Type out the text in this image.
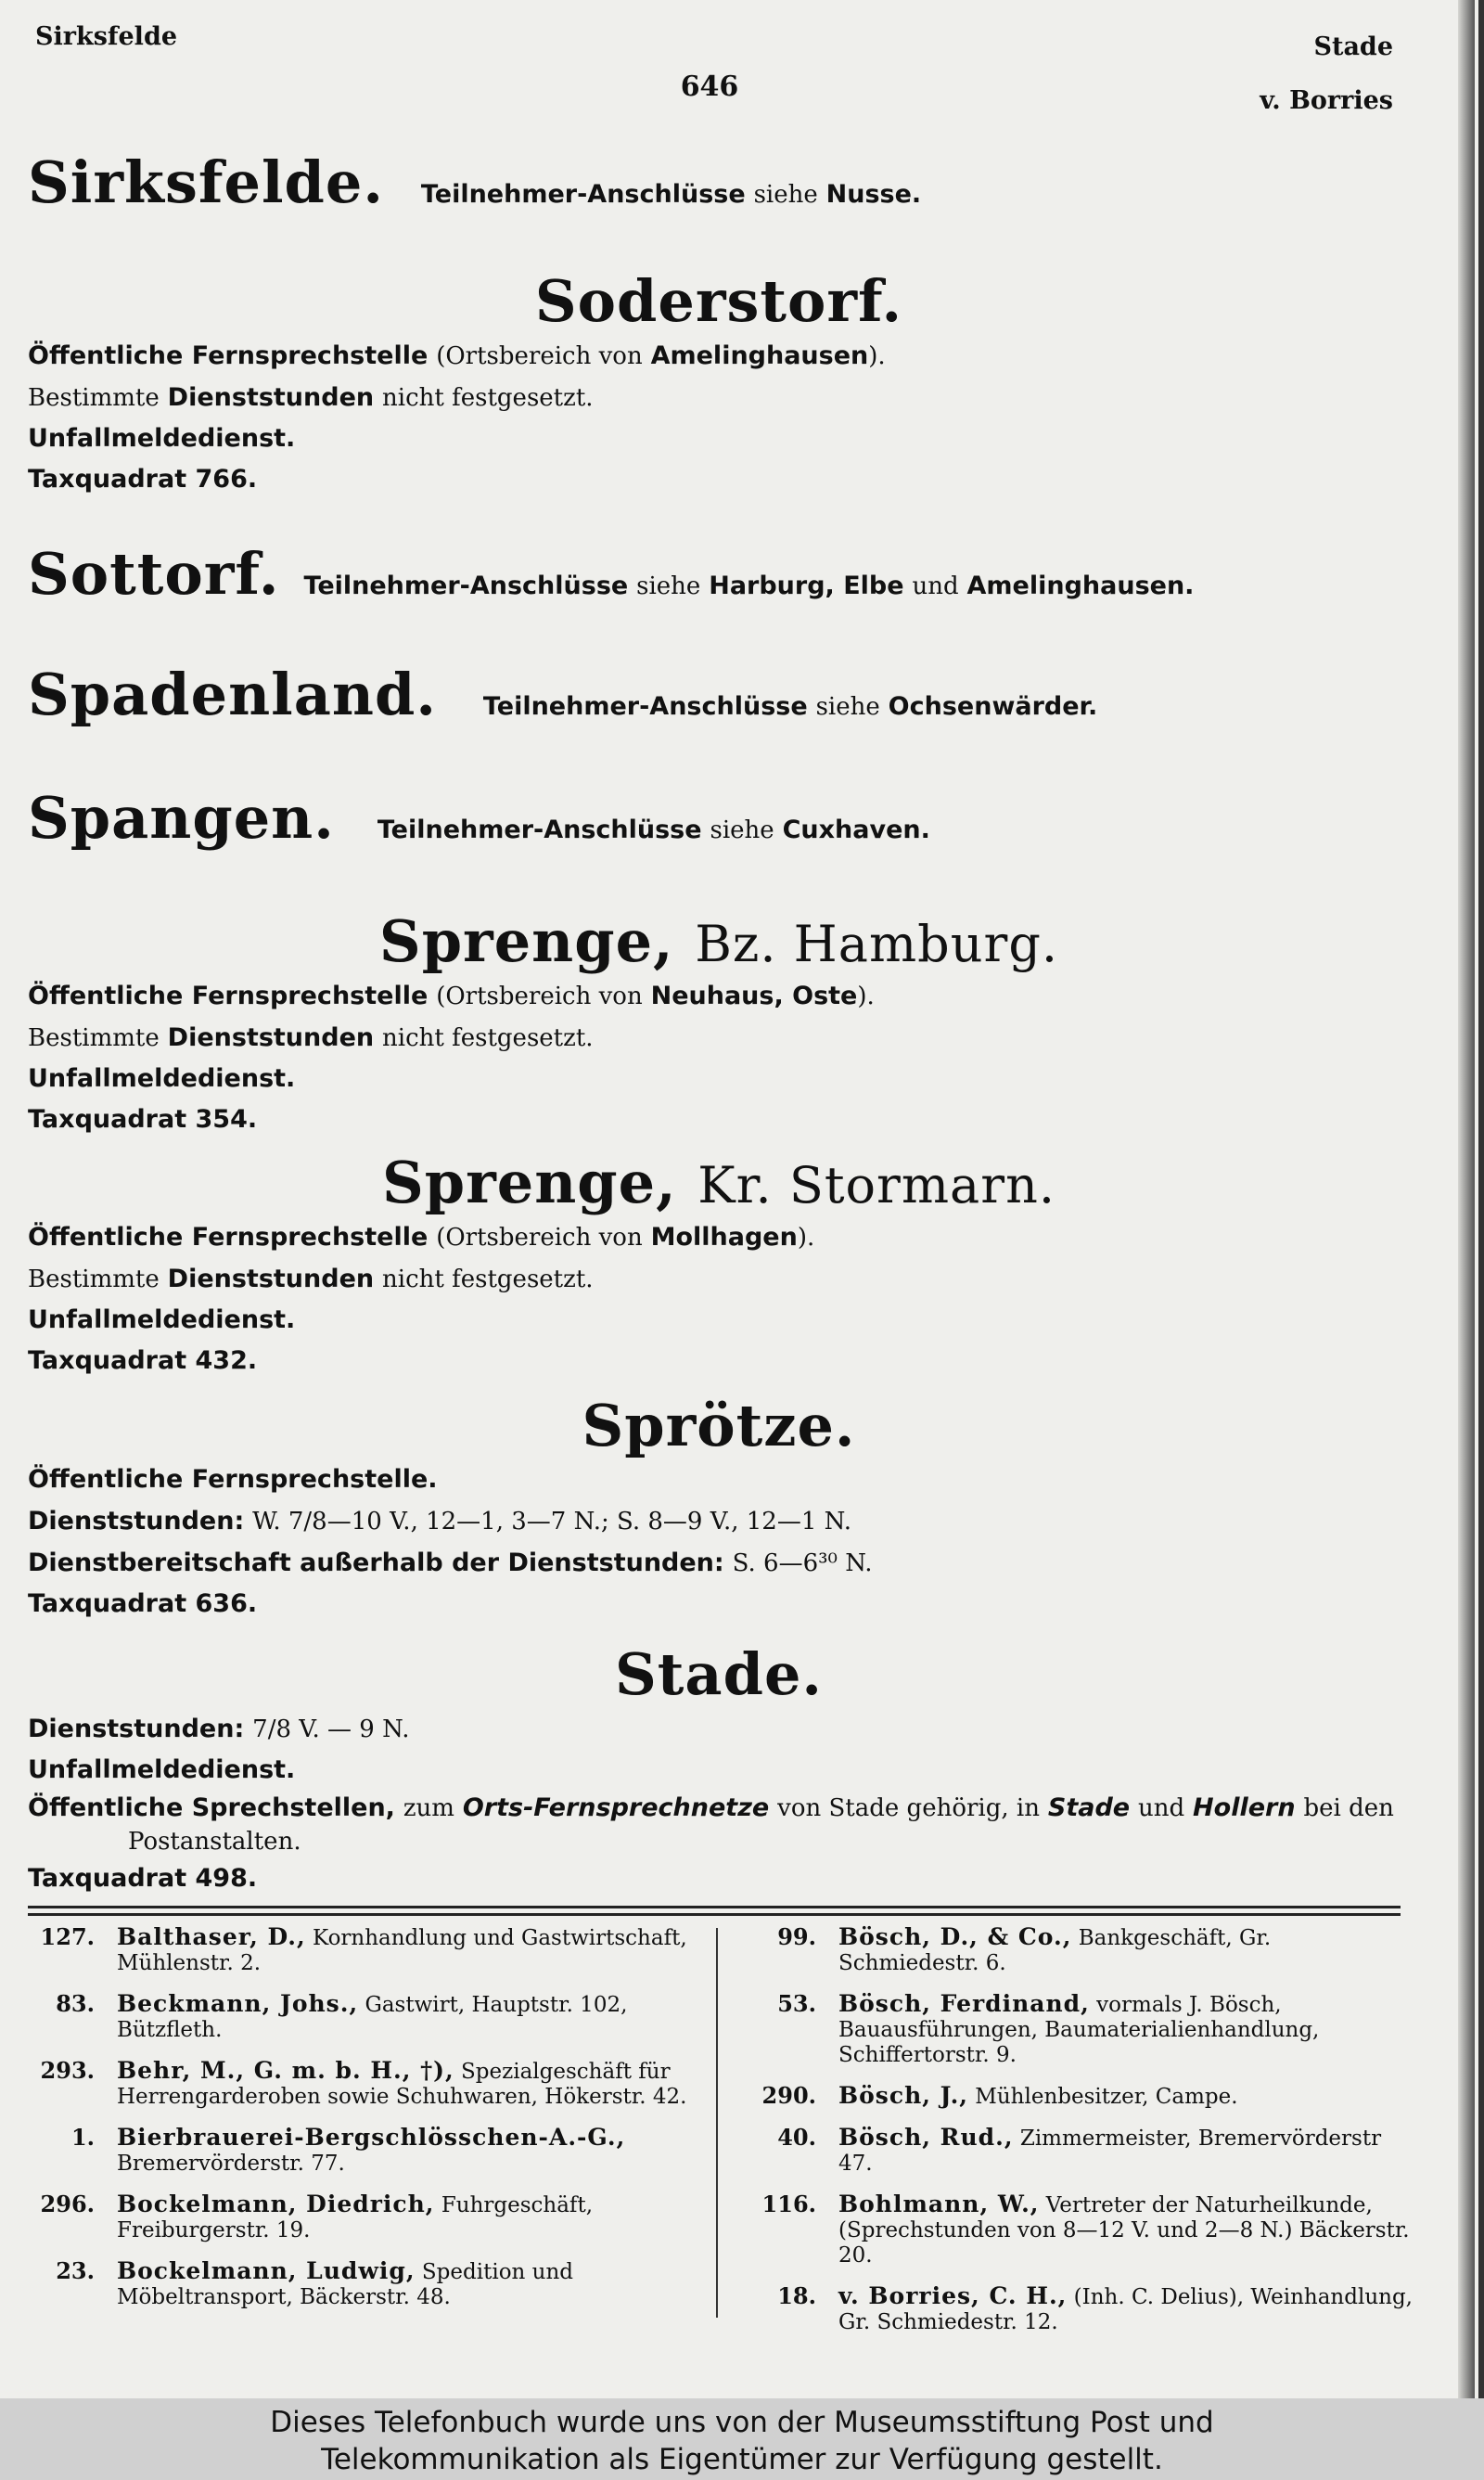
Sirksfelde	Stade
v. Borries
646
Sirksfelde. Teilnehmer-Anschlüsse siehe Nusse.
Soderstorf.
Öffentliche Fernsprechstelle (Ortsbereich von Amelinghausen).
Bestimmte Dienststunden nicht festgesetzt.
Unfallmeldedienst.
Taxquadrat 766.
Sottorf. Teilnehmer-Anschlüsse siehe Harburg, Elbe und Amelinghausen.
Spadenland. Teilnehmer-Anschlüsse siehe Ochsenwärder.
Spangen. Teilnehmer-Anschlüsse siehe Cuxhaven.
Sprenge, Bz. Hamburg.
Öffentliche Fernsprechstelle (Ortsbereich von Neuhaus, Oste).
Bestimmte Dienststunden nicht festgesetzt.
Unfallmeldedienst.
Taxquadrat 354.
Sprenge, Kr. Stormarn.
Öffentliche Fernsprechstelle (Ortsbereich von Mollhagen).
Bestimmte Dienststunden nicht festgesetzt.
Unfallmeldedienst.
Taxquadrat 432.
Sprötze.
Öffentliche Fernsprechstelle.
Dienststunden: W. 7/8—10 V., 12—1, 3—7 N.; S. 8—9 V., 12—1 N.
Dienstbereitschaft außerhalb der Dienststunden: S. 6—6³⁰ N.
Taxquadrat 636.
Stade.
Dienststunden: 7/8 V. — 9 N.
Unfallmeldedienst.
Öffentliche Sprechstellen, zum Orts-Fernsprechnetze von Stade gehörig, in Stade und Hollern bei den
Postanstalten.
Taxquadrat 498.
127. Balthaser, D., Kornhandlung und Gastwirtschaft, Mühlenstr. 2.
83. Beckmann, Johs., Gastwirt, Hauptstr. 102, Bützfleth.
293. Behr, M., G. m. b. H., †), Spezialgeschäft für Herrengarderoben sowie Schuhwaren, Hökerstr. 42.
1. Bierbrauerei-Bergschlösschen-A.-G., Bremervörderstr. 77.
296. Bockelmann, Diedrich, Fuhrgeschäft, Freiburgerstr. 19.
23. Bockelmann, Ludwig, Spedition und Möbeltransport, Bäckerstr. 48.
99. Bösch, D., & Co., Bankgeschäft, Gr. Schmiedestr. 6.
53. Bösch, Ferdinand, vormals J. Bösch, Bauausführungen, Baumaterialienhandlung, Schiffertorstr. 9.
290. Bösch, J., Mühlenbesitzer, Campe.
40. Bösch, Rud., Zimmermeister, Bremervörderstr 47.
116. Bohlmann, W., Vertreter der Naturheilkunde, (Sprechstunden von 8—12 V. und 2—8 N.) Bäckerstr. 20.
18. v. Borries, C. H., (Inh. C. Delius), Weinhandlung, Gr. Schmiedestr. 12.
Dieses Telefonbuch wurde uns von der Museumsstiftung Post und
Telekommunikation als Eigentümer zur Verfügung gestellt.
